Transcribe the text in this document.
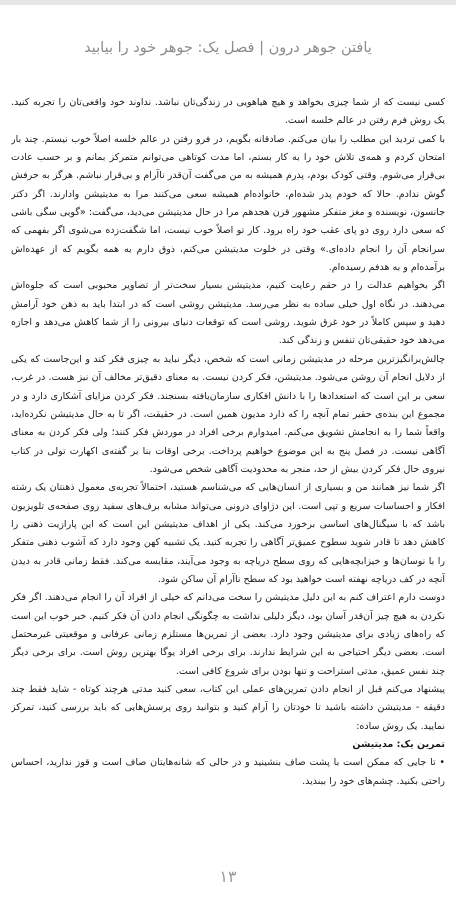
یافتن جوهر درون | فصل یک: جوهر خود را بیابید

کسی نیست که از شما چیزی بخواهد و هیچ هیاهویی در زندگی‌تان نباشد. نداوند خود واقعی‌تان را تجربه کنید. یک روش فرم رفتن در عالم خلسه است.

با کمی تردید این مطلب را بیان می‌کنم. صادقانه بگویم، در فرو رفتن در عالم خلسه اصلاً خوب نیستم. چند بار امتحان کردم و همه‌ی تلاش خود را به کار بستم، اما مدت کوتاهی می‌توانم متمرکز بمانم و بر حسب عادت بی‌قرار می‌شوم. وقتی کودک بودم، پدرم همیشه به من می‌گفت آن‌قدر ناآرام و بی‌قرار نباشم. هرگز به حرفش گوش ندادم. حالا که خودم پدر شده‌ام، خانواده‌ام همیشه سعی می‌کنند مرا به مدیتیشن وادارند. اگر دکتر جانسون، نویسنده و مغز متفکر مشهور قرن هجدهم مرا در حال مدیتیشن می‌دید، می‌گفت: «گویی سگی باشی که سعی دارد روی دو پای عقب خود راه برود. کار تو اصلاً خوب نیست، اما شگفت‌زده می‌شوی اگر بفهمی که سرانجام آن را انجام داده‌ای.» وقتی در خلوت مدیتیشن می‌کنم، ذوق دارم به همه بگویم که از عهده‌اش برآمده‌ام و به هدفم رسیده‌ام.

اگر بخواهیم عدالت را در حقم رعایت کنیم، مدیتیشن بسیار سخت‌تر از تصاویر محبوبی است که جلوه‌اش می‌دهند. در نگاه اول خیلی ساده به نظر می‌رسد. مدیتیشن روشی است که در ابتدا باید به ذهن خود آرامش دهید و سپس کاملاً در خود غرق شوید. روشی است که توقعات دنیای بیرونی را از شما کاهش می‌دهد و اجازه می‌دهد خود حقیقی‌تان تنفس و زندگی کند.

چالش‌برانگیزترین مرحله در مدیتیشن زمانی است که شخص، دیگر نباید به چیزی فکر کند و این‌جاست که یکی از دلایل انجام آن روشن می‌شود. مدیتیشن، فکر کردن نیست. به معنای دقیق‌تر مخالف آن نیز هست. در غرب، سعی بر این است که استعدادها را با دانش افکاری سازمان‌یافته بسنجند. فکر کردن مزایای آشکاری دارد و در مجموع این بنده‌ی حقیر تمام آنچه را که دارد مدیون همین است. در حقیقت، اگر تا به حال مدیتیشن نکرده‌اید، واقعاً شما را به انجامش تشویق می‌کنم. امیدوارم برخی افراد در موردش فکر کنند؛ ولی فکر کردن به معنای آگاهی نیست. در فصل پنج به این موضوع خواهیم پرداخت. برخی اوقات بنا بر گفته‌ی اکهارت تولی در کتاب نیروی حال فکر کردن بیش از حد، منجر به محدودیت آگاهی شخص می‌شود.

اگر شما نیز همانند من و بسیاری از انسان‌هایی که می‌شناسم هستید، احتمالاً تجربه‌ی معمول ذهنتان یک رشته افکار و احساسات سریع و تپی است. این دژاوای درونی می‌تواند مشابه برف‌های سفید روی صفحه‌ی تلویزیون باشد که با سیگنال‌های اساسی برخورد می‌کند. یکی از اهداف مدیتیشن این است که این پارازیت ذهنی را کاهش دهد تا قادر شوید سطوح عمیق‌تر آگاهی را تجربه کنید. یک تشبیه کهن وجود دارد که آشوب ذهنی متفکر را با نوسان‌ها و خیزابچه‌هایی که روی سطح دریاچه به وجود می‌آیند، مقایسه می‌کند. فقط زمانی قادر به دیدن آنچه در کف دریاچه نهفته است خواهید بود که سطح ناآرام آن ساکن شود.

دوست دارم اعتراف کنم به این دلیل مدیتیشن را سخت می‌دانم که خیلی از افراد آن را انجام می‌دهند. اگر فکر نکردن به هیچ چیز آن‌قدر آسان بود، دیگر دلیلی نداشت به چگونگی انجام دادن آن فکر کنیم. خبر خوب این است که راه‌های زیادی برای مدیتیشن وجود دارد. بعضی از تمرین‌ها مستلزم زمانی عرفانی و موقعیتی غیرمحتمل است. بعضی دیگر احتیاجی به این شرایط ندارند. برای برخی افراد یوگا بهترین روش است. برای برخی دیگر چند نفس عمیق، مدتی استراحت و تنها بودن برای شروع کافی است.

پیشنهاد می‌کنم قبل از انجام دادن تمرین‌های عملی این کتاب، سعی کنید مدتی هرچند کوتاه - شاید فقط چند دقیقه - مدیتیشن داشته باشید تا خودتان را آرام کنید و بتوانید روی پرسش‌هایی که باید بررسی کنید، تمرکز نمایید. یک روش ساده:

تمرین یک: مدیتیشن

• تا جایی که ممکن است با پشت صاف بنشینید و در حالی که شانه‌هایتان صاف است و قوز ندارید، احساس راحتی بکنید. چشم‌های خود را ببندید.

۱۳
